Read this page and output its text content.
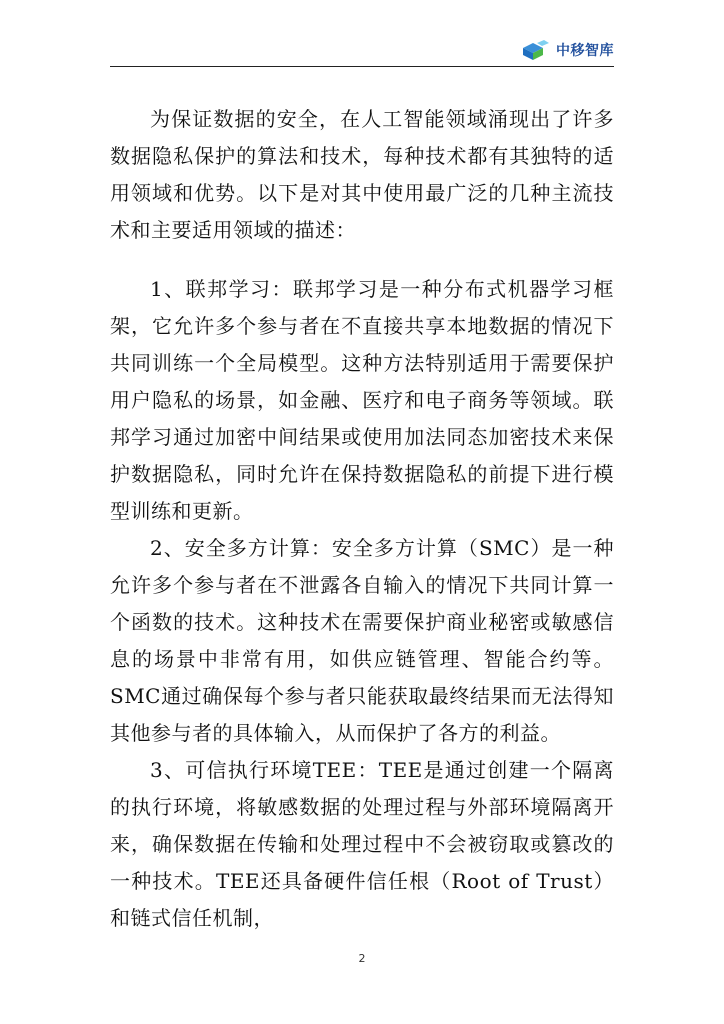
中移智库

为保证数据的安全，在人工智能领域涌现出了许多数据隐私保护的算法和技术，每种技术都有其独特的适用领域和优势。以下是对其中使用最广泛的几种主流技术和主要适用领域的描述：

1、联邦学习：联邦学习是一种分布式机器学习框架，它允许多个参与者在不直接共享本地数据的情况下共同训练一个全局模型。这种方法特别适用于需要保护用户隐私的场景，如金融、医疗和电子商务等领域。联邦学习通过加密中间结果或使用加法同态加密技术来保护数据隐私，同时允许在保持数据隐私的前提下进行模型训练和更新。

2、安全多方计算：安全多方计算（SMC）是一种允许多个参与者在不泄露各自输入的情况下共同计算一个函数的技术。这种技术在需要保护商业秘密或敏感信息的场景中非常有用，如供应链管理、智能合约等。SMC通过确保每个参与者只能获取最终结果而无法得知其他参与者的具体输入，从而保护了各方的利益。

3、可信执行环境TEE：TEE是通过创建一个隔离的执行环境，将敏感数据的处理过程与外部环境隔离开来，确保数据在传输和处理过程中不会被窃取或篡改的一种技术。TEE还具备硬件信任根（Root of Trust）和链式信任机制，

2
